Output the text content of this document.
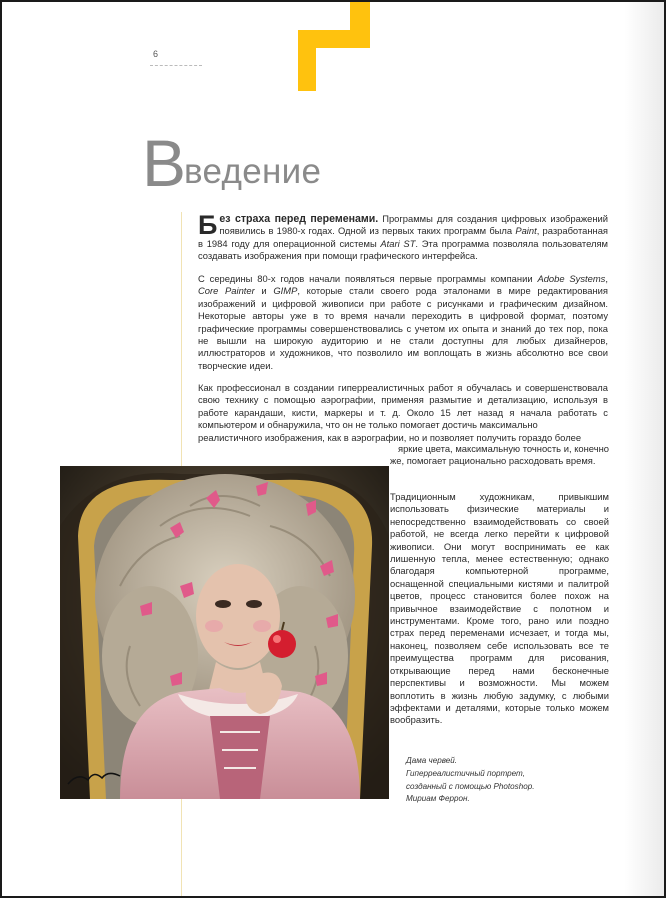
6
Введение

Без страха перед переменами. Программы для создания цифровых изображений появились в 1980-х годах. Одной из первых таких программ была Paint, разработанная в 1984 году для операционной системы Atari ST. Эта программа позволяла пользователям создавать изображения при помощи графического интерфейса.

С середины 80-х годов начали появляться первые программы компании Adobe Systems, Core Painter и GIMP, которые стали своего рода эталонами в мире редактирования изображений и цифровой живописи при работе с рисунками и графическим дизайном. Некоторые авторы уже в то время начали переходить в цифровой формат, поэтому графические программы совершенствовались с учетом их опыта и знаний до тех пор, пока не вышли на широкую аудиторию и не стали доступны для любых дизайнеров, иллюстраторов и художников, что позволило им воплощать в жизнь абсолютно все свои творческие идеи.

Как профессионал в создании гиперреалистичных работ я обучалась и совершенствовала свою технику с помощью аэрографии, применяя размытие и детализацию, используя в работе карандаши, кисти, маркеры и т. д. Около 15 лет назад я начала работать с компьютером и обнаружила, что он не только помогает достичь максимально
реалистичного изображения, как в аэрографии, но и позволяет получить гораздо более

яркие цвета, максимальную точность и, конечно же, помогает рационально расходовать время.

Традиционным художникам, привыкшим использовать физические материалы и непосредственно взаимодействовать со своей работой, не всегда легко перейти к цифровой живописи. Они могут воспринимать ее как лишенную тепла, менее естественную; однако благодаря компьютерной программе, оснащенной специальными кистями и палитрой цветов, процесс становится более похож на привычное взаимодействие с полотном и инструментами. Кроме того, рано или поздно страх перед переменами исчезает, и тогда мы, наконец, позволяем себе использовать все те преимущества программ для рисования, открывающие перед нами бесконечные перспективы и возможности. Мы можем воплотить в жизнь любую задумку, с любыми эффектами и деталями, которые только можем вообразить.

Дама червей.
Гиперреалистичный портрет,
созданный с помощью Photoshop.
Мириам Феррон.
